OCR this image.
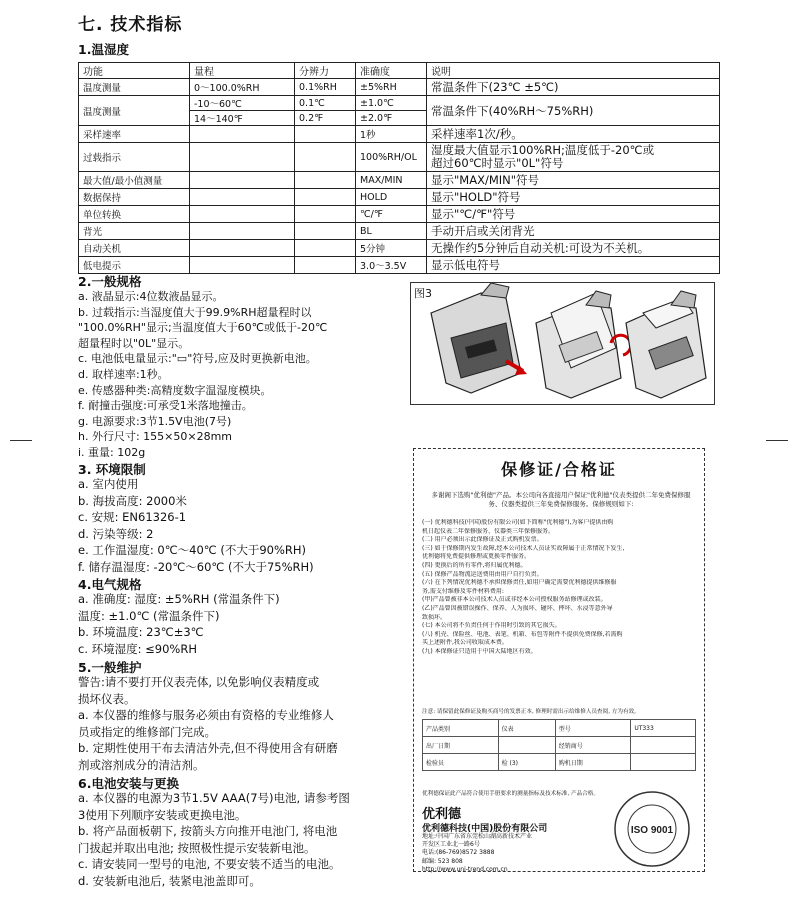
七. 技术指标
1.温湿度
功能	量程	分辨力	准确度	说明
温度测量	0～100.0%RH	0.1%RH	±5%RH	常温条件下(23℃ ±5℃)
温度测量	-10～60℃	0.1℃	±1.0℃	常温条件下(40%RH～75%RH)
	14～140℉	0.2℉	±2.0℉	
采样速率			1秒	采样速率1次/秒。
过载指示			100%RH/OL	湿度最大值显示100%RH;温度低于-20℃或
超过60℃时显示"0L"符号

最大值/最小值测量			MAX/MIN	显示"MAX/MIN"符号
数据保持			HOLD	显示"HOLD"符号
单位转换			℃/℉	显示"℃/℉"符号
背光			BL	手动开启或关闭背光
自动关机			5分钟	无操作约5分钟后自动关机:可设为不关机。
低电提示			3.0～3.5V	显示低电符号
2.一般规格
a. 液晶显示:4位数液晶显示。
b. 过载指示:当湿度值大于99.9%RH超量程时以
"100.0%RH"显示;当温度值大于60℃或低于-20℃
超量程时以"0L"显示。
c. 电池低电量显示:"▭"符号,应及时更换新电池。
d. 取样速率:1秒。
e. 传感器种类:高精度数字温湿度模块。
f. 耐撞击强度:可承受1米落地撞击。
g. 电源要求:3节1.5V电池(7号)
h. 外行尺寸: 155×50×28mm
i. 重量: 102g
3. 环境限制
a. 室内使用
b. 海拔高度: 2000米
c. 安规: EN61326-1
d. 污染等级: 2
e. 工作温湿度: 0℃～40℃ (不大于90%RH)
f. 储存温湿度: -20℃～60℃ (不大于75%RH)
4.电气规格
a. 准确度: 湿度: ±5%RH (常温条件下)
温度: ±1.0℃ (常温条件下)
b. 环境温度: 23℃±3℃
c. 环境湿度: ≤90%RH
5.一般维护
警告:请不要打开仪表壳体, 以免影响仪表精度或
损坏仪表。
a. 本仪器的维修与服务必须由有资格的专业维修人
员或指定的维修部门完成。
b. 定期性使用干布去清洁外壳,但不得使用含有研磨
剂或溶剂成分的清洁剂。
6.电池安装与更换
a. 本仪器的电源为3节1.5V AAA(7号)电池, 请参考图
3使用下列顺序安装或更换电池。
b. 将产品面板朝下, 按箭头方向推开电池门, 将电池
门拔起并取出电池; 按照极性提示安装新电池。
c. 请安装同一型号的电池, 不要安装不适当的电池。
d. 安装新电池后, 装紧电池盖即可。
图3
保修证/合格证
多谢阁下选购"优利德"产品。本公司向各直接用户保证"优利德"仪表类提供二年免费保修服务、仪器类提供三年免费保修服务。保修规则如下:
(一) 优利德科技(中国)股份有限公司(如下简称"优利德"),为客户提供由购
机日起仪表二年保修服务、仪器类三年保修服务。
(二) 用户必须出示此保修证及正式购机发票。
(三) 如于保修期内发生故障,经本公司技术人员证实故障属于正常情况下发生,
优利德将免费提供修理或更换零件服务。
(四) 更换后的所有零件,将归属优利德。
(五) 保修产品物流运送费用由用户自行负责。
(六) 在下列情况优利德不承担保修责任,如用户确定需要优利德提供维修服
务,需支付维修及零件材料费用:
(甲)产品曾被非本公司技术人员或非经本公司授权服务站修理或改装。
(乙)产品曾因被错误操作、保养、人为损坏、碰坏、摔坏、水浸等意外导
致损坏。
(七) 本公司将不负责任何于作用时引致的其它损失。
(八) 机壳、保险丝、电池、表笔、机箱、布包等附件不提供免费保修,若需购
买上述附件,我公司收取成本费。
(九) 本保修证只适用于中国大陆地区有效。
注意: 请保留此保修证及购买商号的发票正本, 修理时需出示给维修人员查阅, 方为有效。
产品类别	仪表	型号	UT333
出厂日期		经销商号	
检验员	检 (3)	购机日期	
优利德保证此产品符合使用手册要求的测量指标及技术标准, 产品合格。
优利德
优利德科技(中国)股份有限公司
地址:中国广东省东莞松山湖高新技术产业
开发区工业北一路6号
电话:(86-769)8572 3888
邮编: 523 808
http://www.uni-trend.com.cn
ISO 9001
